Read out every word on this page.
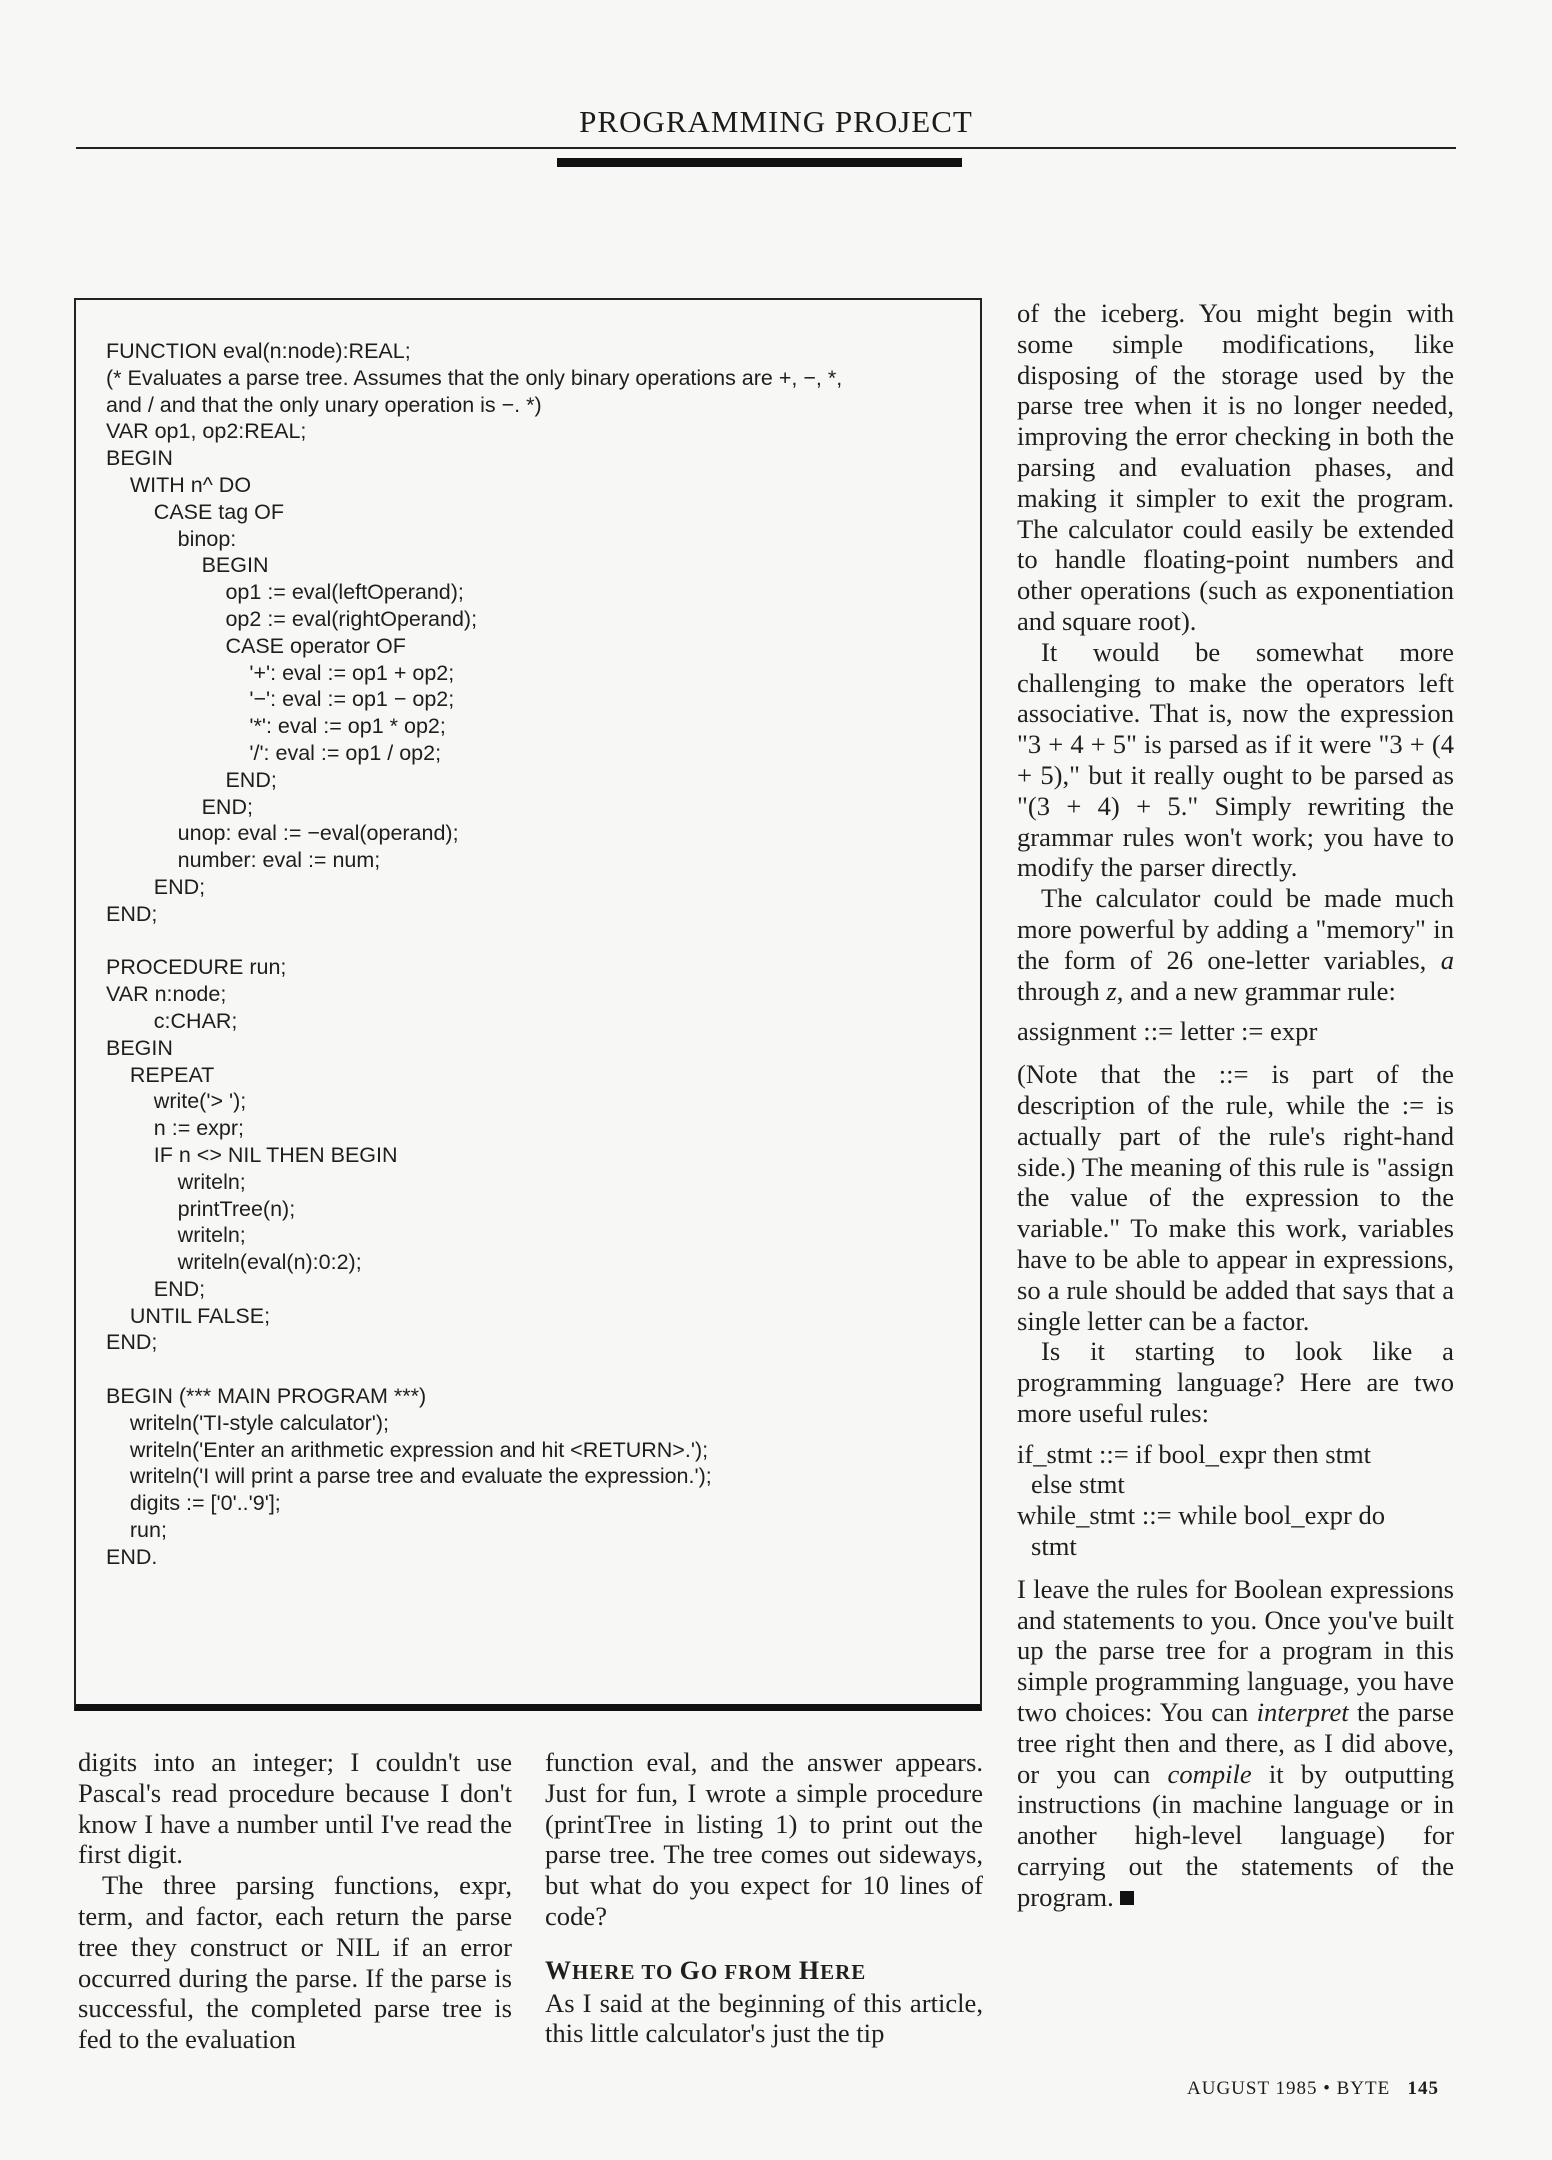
PROGRAMMING PROJECT
FUNCTION eval(n:node):REAL;
(* Evaluates a parse tree. Assumes that the only binary operations are +, −, *,
and / and that the only unary operation is −. *)
VAR op1, op2:REAL;
BEGIN
WITH n^ DO
CASE tag OF
binop:
BEGIN
op1 := eval(leftOperand);
op2 := eval(rightOperand);
CASE operator OF
'+': eval := op1 + op2;
'−': eval := op1 − op2;
'*': eval := op1 * op2;
'/': eval := op1 / op2;
END;
END;
unop: eval := −eval(operand);
number: eval := num;
END;
END;
PROCEDURE run;
VAR n:node;
c:CHAR;
BEGIN
REPEAT
write('> ');
n := expr;
IF n <> NIL THEN BEGIN
writeln;
printTree(n);
writeln;
writeln(eval(n):0:2);
END;
UNTIL FALSE;
END;
BEGIN (*** MAIN PROGRAM ***)
writeln('TI-style calculator');
writeln('Enter an arithmetic expression and hit <RETURN>.');
writeln('I will print a parse tree and evaluate the expression.');
digits := ['0'..'9'];
run;
END.

digits into an integer; I couldn't use Pascal's read procedure because I don't know I have a number until I've read the first digit.

The three parsing functions, expr, term, and factor, each return the parse tree they construct or NIL if an error occurred during the parse. If the parse is successful, the completed parse tree is fed to the evaluation

function eval, and the answer appears. Just for fun, I wrote a simple procedure (printTree in listing 1) to print out the parse tree. The tree comes out sideways, but what do you expect for 10 lines of code?

WHERE TO GO FROM HERE

As I said at the beginning of this article, this little calculator's just the tip

of the iceberg. You might begin with some simple modifications, like disposing of the storage used by the parse tree when it is no longer needed, improving the error checking in both the parsing and evaluation phases, and making it simpler to exit the program. The calculator could easily be extended to handle floating-point numbers and other operations (such as exponentiation and square root).

It would be somewhat more challenging to make the operators left associative. That is, now the expression "3 + 4 + 5" is parsed as if it were "3 + (4 + 5)," but it really ought to be parsed as "(3 + 4) + 5." Simply rewriting the grammar rules won't work; you have to modify the parser directly.

The calculator could be made much more powerful by adding a "memory" in the form of 26 one-letter variables, a through z, and a new grammar rule:

assignment ::= letter := expr

(Note that the ::= is part of the description of the rule, while the := is actually part of the rule's right-hand side.) The meaning of this rule is "assign the value of the expression to the variable." To make this work, variables have to be able to appear in expressions, so a rule should be added that says that a single letter can be a factor.

Is it starting to look like a programming language? Here are two more useful rules:

if_stmt ::= if bool_expr then stmt
else stmt
while_stmt ::= while bool_expr do
stmt

I leave the rules for Boolean expressions and statements to you. Once you've built up the parse tree for a program in this simple programming language, you have two choices: You can interpret the parse tree right then and there, as I did above, or you can compile it by outputting instructions (in machine language or in another high-level language) for carrying out the statements of the program.

AUGUST 1985 • BYTE 145
